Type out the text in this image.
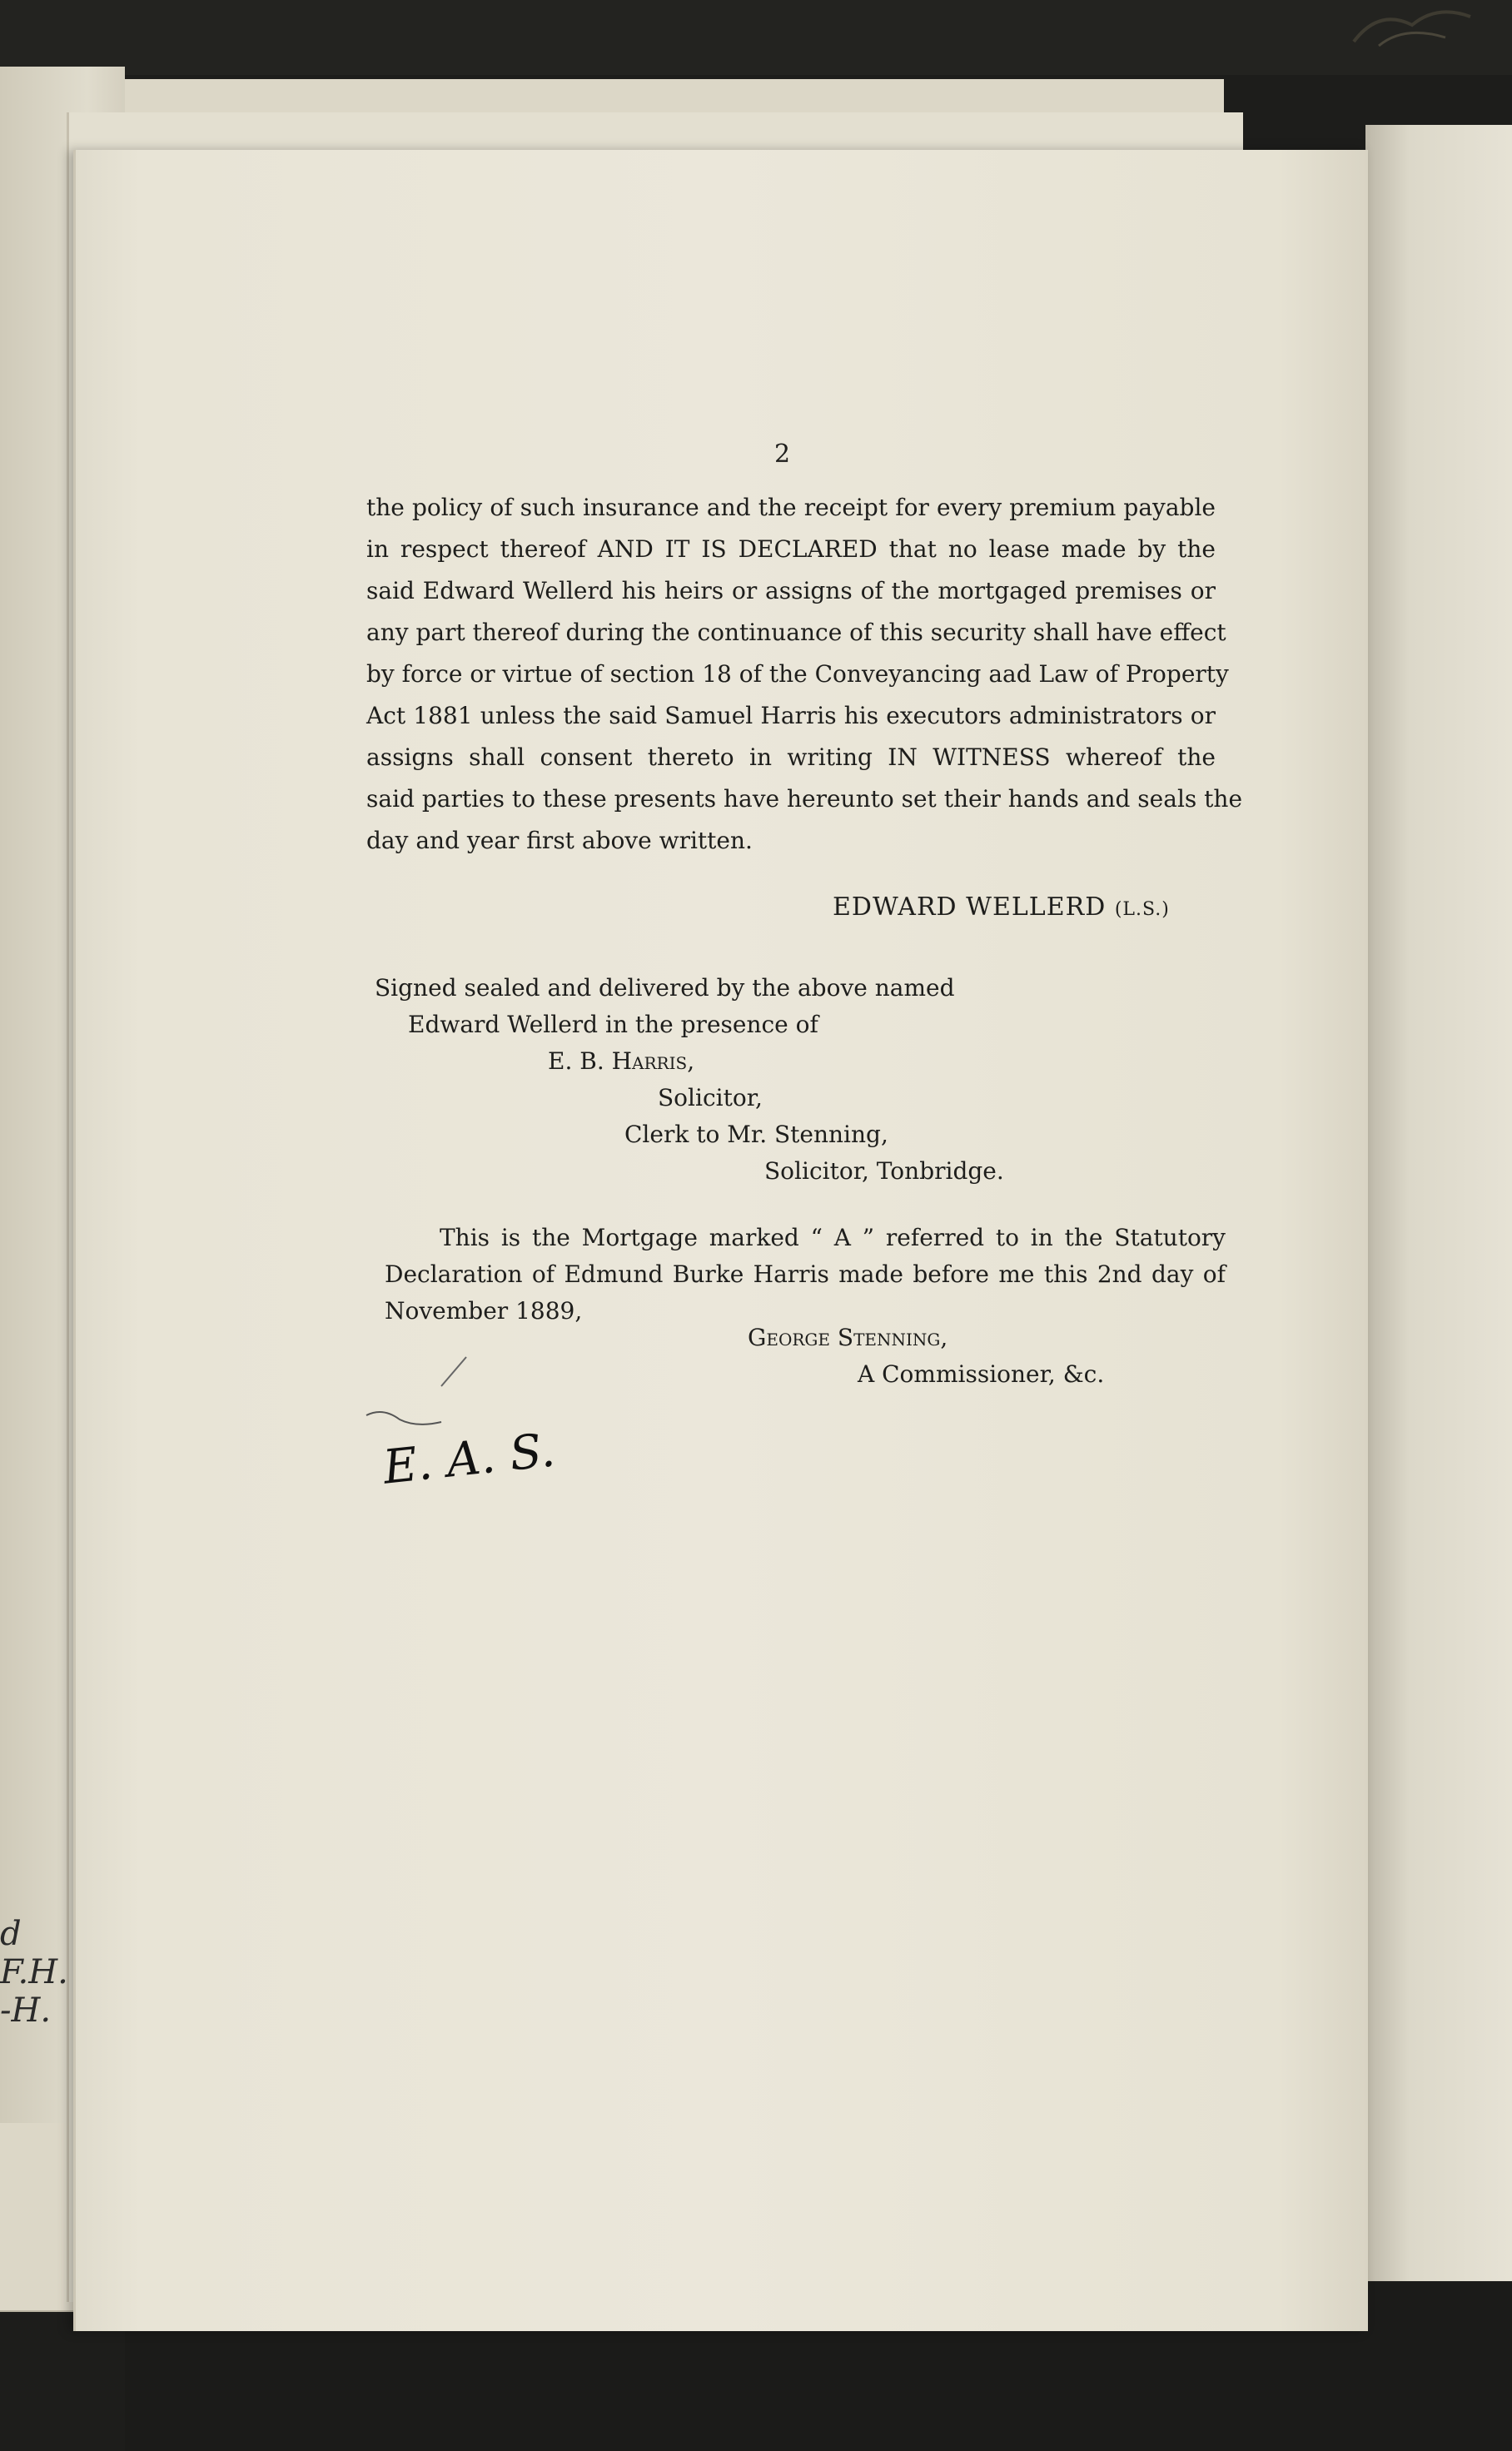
d F.H. -H.
2
the policy of such insurance and the receipt for every premium payable
in respect thereof AND IT IS DECLARED that no lease made by the
said Edward Wellerd his heirs or assigns of the mortgaged premises or
any part thereof during the continuance of this security shall have effect
by force or virtue of section 18 of the Conveyancing aad Law of Property
Act 1881 unless the said Samuel Harris his executors administrators or
assigns shall consent thereto in writing IN WITNESS whereof the
said parties to these presents have hereunto set their hands and seals the
day and year first above written.
EDWARD WELLERD (L.S.)
Signed sealed and delivered by the above named
Edward Wellerd in the presence of
E. B. Harris,
Solicitor,
Clerk to Mr. Stenning,
Solicitor, Tonbridge.
This is the Mortgage marked “ A ” referred to in the Statutory
Declaration of Edmund Burke Harris made before me this 2nd day of
November 1889,
George Stenning,
A Commissioner, &c.
E. A. S.
